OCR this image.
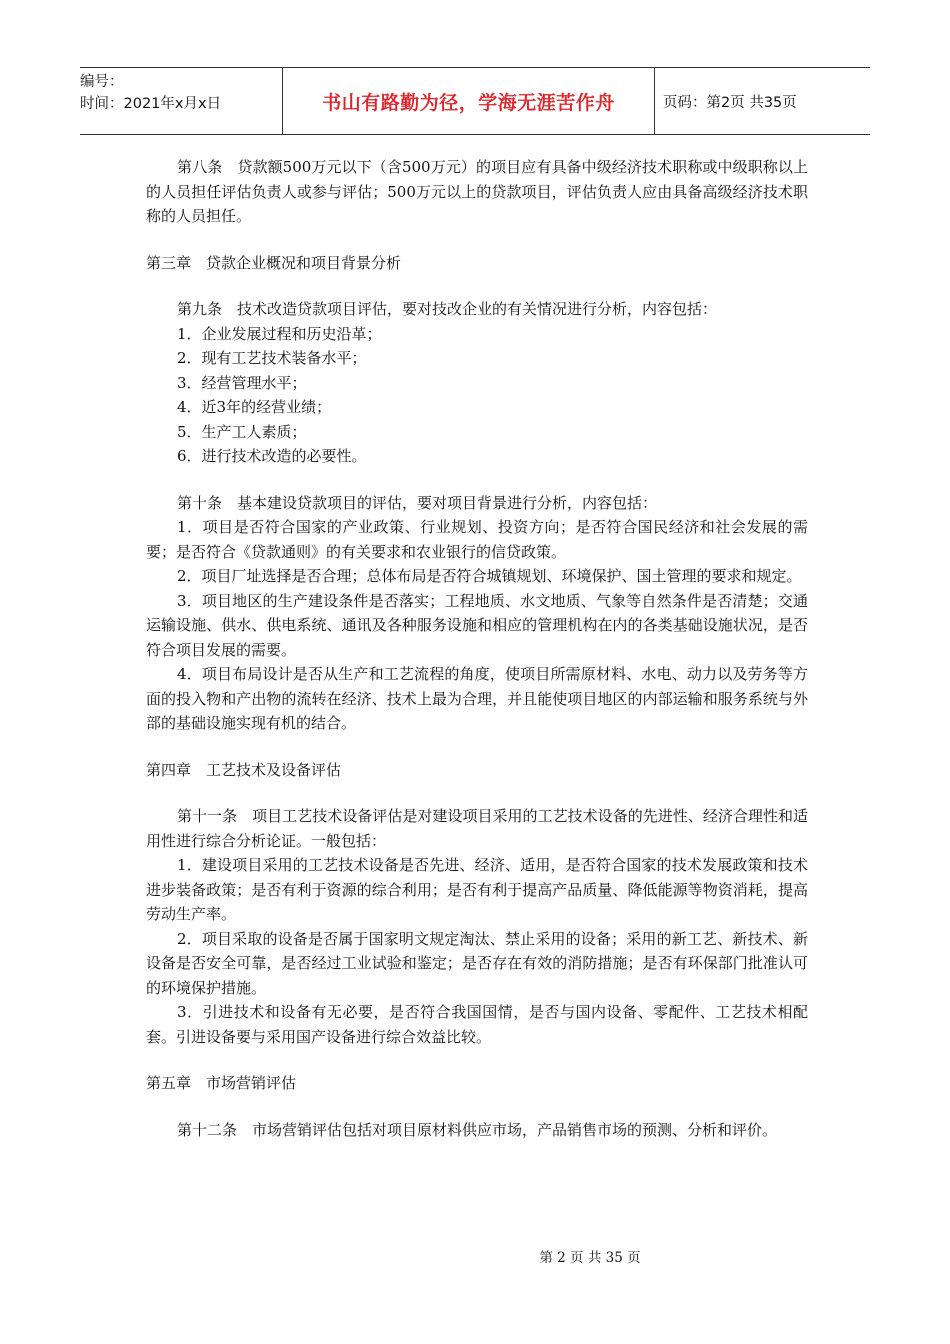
编号：
时间：2021年x月x日	书山有路勤为径，学海无涯苦作舟	页码：第2页 共35页

第八条　贷款额500万元以下（含500万元）的项目应有具备中级经济技术职称或中级职称以上的人员担任评估负责人或参与评估；500万元以上的贷款项目，评估负责人应由具备高级经济技术职称的人员担任。

第三章　贷款企业概况和项目背景分析

第九条　技术改造贷款项目评估，要对技改企业的有关情况进行分析，内容包括：

1．企业发展过程和历史沿革；

2．现有工艺技术装备水平；

3．经营管理水平；

4．近3年的经营业绩；

5．生产工人素质；

6．进行技术改造的必要性。

第十条　基本建设贷款项目的评估，要对项目背景进行分析，内容包括：

1．项目是否符合国家的产业政策、行业规划、投资方向；是否符合国民经济和社会发展的需要；是否符合《贷款通则》的有关要求和农业银行的信贷政策。

2．项目厂址选择是否合理；总体布局是否符合城镇规划、环境保护、国土管理的要求和规定。

3．项目地区的生产建设条件是否落实；工程地质、水文地质、气象等自然条件是否清楚；交通运输设施、供水、供电系统、通讯及各种服务设施和相应的管理机构在内的各类基础设施状况，是否符合项目发展的需要。

4．项目布局设计是否从生产和工艺流程的角度，使项目所需原材料、水电、动力以及劳务等方面的投入物和产出物的流转在经济、技术上最为合理，并且能使项目地区的内部运输和服务系统与外部的基础设施实现有机的结合。

第四章　工艺技术及设备评估

第十一条　项目工艺技术设备评估是对建设项目采用的工艺技术设备的先进性、经济合理性和适用性进行综合分析论证。一般包括：

1．建设项目采用的工艺技术设备是否先进、经济、适用，是否符合国家的技术发展政策和技术进步装备政策；是否有利于资源的综合利用；是否有利于提高产品质量、降低能源等物资消耗，提高劳动生产率。

2．项目采取的设备是否属于国家明文规定淘汰、禁止采用的设备；采用的新工艺、新技术、新设备是否安全可靠，是否经过工业试验和鉴定；是否存在有效的消防措施；是否有环保部门批准认可的环境保护措施。

3．引进技术和设备有无必要，是否符合我国国情，是否与国内设备、零配件、工艺技术相配套。引进设备要与采用国产设备进行综合效益比较。

第五章　市场营销评估

第十二条　市场营销评估包括对项目原材料供应市场，产品销售市场的预测、分析和评价。

第 2 页 共 35 页
